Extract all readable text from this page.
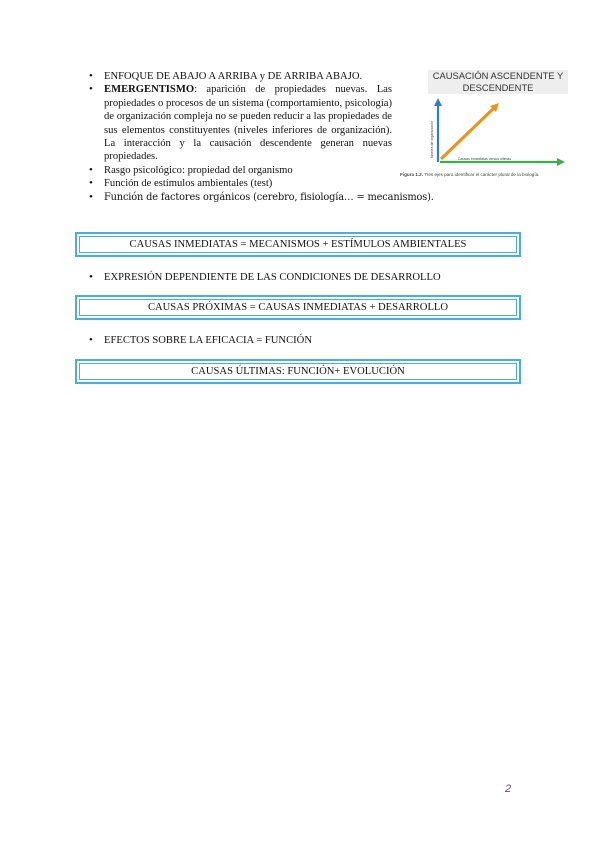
• ENFOQUE DE ABAJO A ARRIBA y DE ARRIBA ABAJO.
• EMERGENTISMO: aparición de propiedades nuevas. Las propiedades o procesos de un sistema (comportamiento, psicología) de organización compleja no se pueden reducir a las propiedades de sus elementos constituyentes (niveles inferiores de organización). La interacción y la causación descendente generan nuevas propiedades.
• Rasgo psicológico: propiedad del organismo
• Función de estímulos ambientales (test)
• Función de factores orgánicos (cerebro, fisiología… = mecanismos).
CAUSACIÓN ASCENDENTE Y
DESCENDENTE
Niveles de organización
Causas inmediatas versus últimas
Figura 1.2. Tres ejes para identificar el carácter plural de la biología.
CAUSAS INMEDIATAS = MECANISMOS + ESTÍMULOS AMBIENTALES
• EXPRESIÓN DEPENDIENTE DE LAS CONDICIONES DE DESARROLLO
CAUSAS PRÓXIMAS = CAUSAS INMEDIATAS + DESARROLLO
• EFECTOS SOBRE LA EFICACIA = FUNCIÓN
CAUSAS ÚLTIMAS: FUNCIÓN+ EVOLUCIÓN
2
